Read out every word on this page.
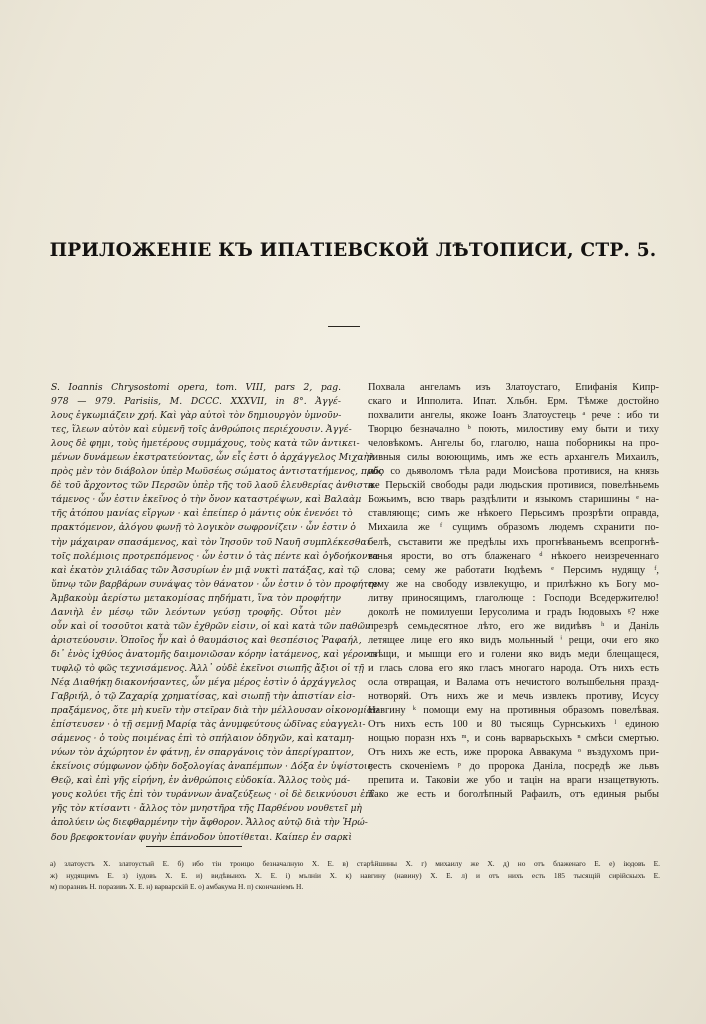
ПРИЛОЖЕНІЕ КЪ ИПАТІЕВСКОЙ ЛѢТОПИСИ, СТР. 5.
S. Ioannis Chrysostomi opera, tom. VIII, pars 2, pag.
978 — 979. Parisiis, M. DCCC. XXXVII, in 8°. Ἀγγέ-
λους ἐγκωμιάζειν χρή. Καὶ γὰρ αὐτοὶ τὸν δημιουργὸν ὑμνοῦν-
τες, ἵλεων αὐτὸν καὶ εὐμενῆ τοῖς ἀνθρώποις περιέχουσιν. Ἀγγέ-
λους δὲ φημι, τοὺς ἡμετέρους συμμάχους, τοὺς κατὰ τῶν ἀντικει-
μένων δυνάμεων ἐκστρατεύοντας, ὧν εἷς ἐστι ὁ ἀρχάγγελος Μιχαὴλ
πρὸς μὲν τὸν διάβολον ὑπὲρ Μωϋσέως σώματος ἀντιστατήμενος, πρὸς
δὲ τοῦ ἄρχοντος τῶν Περσῶν ὑπὲρ τῆς τοῦ λαοῦ ἐλευθερίας ἀνθιστα-
τάμενος · ὧν ἐστιν ἐκεῖνος ὁ τὴν ὄνον καταστρέψων, καὶ Βαλαὰμ
τῆς ἀτόπου μανίας εἴργων · καὶ ἐπείπερ ὁ μάντις οὐκ ἐνενόει τὸ
πρακτόμενον, ἀλόγου φωνῇ τὸ λογικὸν σωφρονίζειν · ὧν ἐστιν ὁ
τὴν μάχαιραν σπασάμενος, καὶ τὸν Ἰησοῦν τοῦ Ναυῆ συμπλέκεσθαι
τοῖς πολέμιοις προτρεπόμενος · ὧν ἐστιν ὁ τὰς πέντε καὶ ὀγδοήκοντα
καὶ ἑκατὸν χιλιάδας τῶν Ἀσσυρίων ἐν μιᾷ νυκτὶ πατάξας, καὶ τῷ
ὕπνῳ τῶν βαρβάρων συνάψας τὸν θάνατον · ὧν ἐστιν ὁ τὸν προφήτην
Ἀμβακοὺμ ἀερίστω μετακομίσας πηδήματι, ἵνα τὸν προφήτην
Δανιὴλ ἐν μέσῳ τῶν λεόντων γεύσῃ τροφῆς. Οὗτοι μὲν
οὖν καὶ οἱ τοσοῦτοι κατὰ τῶν ἐχθρῶν εἰσιν, οἱ καὶ κατὰ τῶν παθῶν
ἀριστεύουσιν. Ὁποῖος ἦν καὶ ὁ θαυμάσιος καὶ θεσπέσιος Ῥαφαήλ,
δι᾽ ἑνὸς ἰχθύος ἀνατομῆς δαιμονιῶσαν κόρην ἰατάμενος, καὶ γέροντι
τυφλῷ τὸ φῶς τεχνισάμενος. Ἀλλ᾽ οὐδὲ ἐκεῖνοι σιωπῆς ἄξιοι οἱ τῇ
Νέᾳ Διαθήκῃ διακονήσαντες, ὧν μέγα μέρος ἐστὶν ὁ ἀρχάγγελος
Γαβριήλ, ὁ τῷ Ζαχαρίᾳ χρηματίσας, καὶ σιωπῇ τὴν ἀπιστίαν εἰσ-
πραξάμενος, ὅτε μὴ κυεῖν τὴν στεῖραν διὰ τὴν μέλλουσαν οἰκονομίαν
ἐπίστευσεν · ὁ τῇ σεμνῇ Μαρίᾳ τὰς ἀνυμφεύτους ὠδῖνας εὐαγγελι-
σάμενος · ὁ τοὺς ποιμένας ἐπὶ τὸ σπήλαιον ὁδηγῶν, καὶ καταμη-
νύων τὸν ἀχώρητον ἐν φάτνῃ, ἐν σπαργάνοις τὸν ἀπερίγραπτον,
ἐκείνοις σύμφωνον ᾠδὴν δοξολογίας ἀναπέμπων · Δόξα ἐν ὑψίστοις
Θεῷ, καὶ ἐπὶ γῆς εἰρήνη, ἐν ἀνθρώποις εὐδοκία. Ἄλλος τοὺς μά-
γους κολύει τῆς ἐπὶ τὸν τυράννων ἀναζεύξεως · οἱ δὲ δεικνύουσι ἐπὶ
γῆς τὸν κτίσαντι · ἄλλος τὸν μνηστῆρα τῆς Παρθένου νουθετεῖ μὴ
ἀπολύειν ὡς διεφθαρμένην τὴν ἄφθορον. Ἄλλος αὐτῷ διὰ τὴν Ἡρώ-
δου βρεφοκτονίαν φυγὴν ἐπάνοδον ὑποτίθεται. Καίπερ ἐν σαρκὶ
Похвала ангеламъ изъ Златоустаго, Епифанія Кипр-
скаго и Ипполита. Ипат. Хльбн. Ерм. Тѣмже достойно
похвалити ангелы, якоже Іоанъ Златоустець ᵃ рече : ибо ти
Творцю безначално ᵇ поють, милостиву ему быти и тиху
человѣкомъ. Ангелы бо, глаголю, наша поборникы на про-
тивныя силы воюющимь, имъ же есть архангелъ Михаилъ,
ибо со дьяволомъ тѣла ради Моисѣова противися, на князь
же Перьскій свободы ради людьския противися, повелѣньемь
Божьимъ, всю тварь раздѣлити и языкомъ старишины ᵉ на-
ставляющє; симъ же нѣкоего Перьсимъ прозрѣти оправда,
Михаила же ᶠ сущимъ образомъ людемъ схранити по-
белѣ, съставити же предѣлы ихъ прогнѣваньемъ всепрогнѣ-
ванья ярости, во отъ блаженаго ᵈ нѣкоего неизреченнаго
слова; сему же работати Іюдѣемъ ᵉ Персимъ нудящу ᶠ,
сему же на свободу извлекущю, и прилѣжно къ Богу мо-
литву приносящимъ, глаголюще : Господи Вседержителю!
доколѣ не помилуеши Іерусолима и градъ Іюдовыхъ ᵍ? нже
презрѣ семьдесятное лѣто, его же видиѣвъ ʰ и Даніль
летящее лице его яко видъ мольнный ⁱ рещи, очи его яко
свѣщи, и мышци его и голени яко видъ меди блещащеся,
и глась слова его яко гласъ многаго народа. Отъ нихъ есть
осла отвращая, и Валама отъ нечистого волъшбельня празд-
нотворяй. Отъ нихъ же и мечь извлекъ противу, Исусу
Навгину ᵏ помощи ему на противныя образомъ повелѣвая.
Отъ нихъ есть 100 и 80 тысящь Сурнськихъ ˡ единою
нощью поразн нхъ ᵐ, и сонь варварьскыхъ ⁿ смѣси смертью.
Отъ нихъ же есть, иже пророка Аввакума ᵒ въздухомъ при-
весть скоченіемъ ᵖ до пророка Даніла, посредѣ же львъ
препита и. Таковіи же убо и тацін на враги нзащетвують.
Тако же есть и боголѣпный Рафаилъ, отъ единыя рыбы
а) златоустъ Х. златоустый Е. б) ибо тін троицю безначалную Х. Е. в) старѣйшины Х. г) михаилу же Х. д) но отъ блаженаго Е. е) іюдовъ Е.
ж) нудящимъ Е. з) іудовъ Х. Е. и) видѣвыихъ Х. Е. і) мълніи Х. к) навгину (навину) Х. Е. л) и отъ нихъ есть 185 тысящій сирійскыхъ Е.
м) поразнвъ Н. поразивъ Х. Е. н) варварскій Е. о) амбакума Н. п) скончаніемъ Н.
